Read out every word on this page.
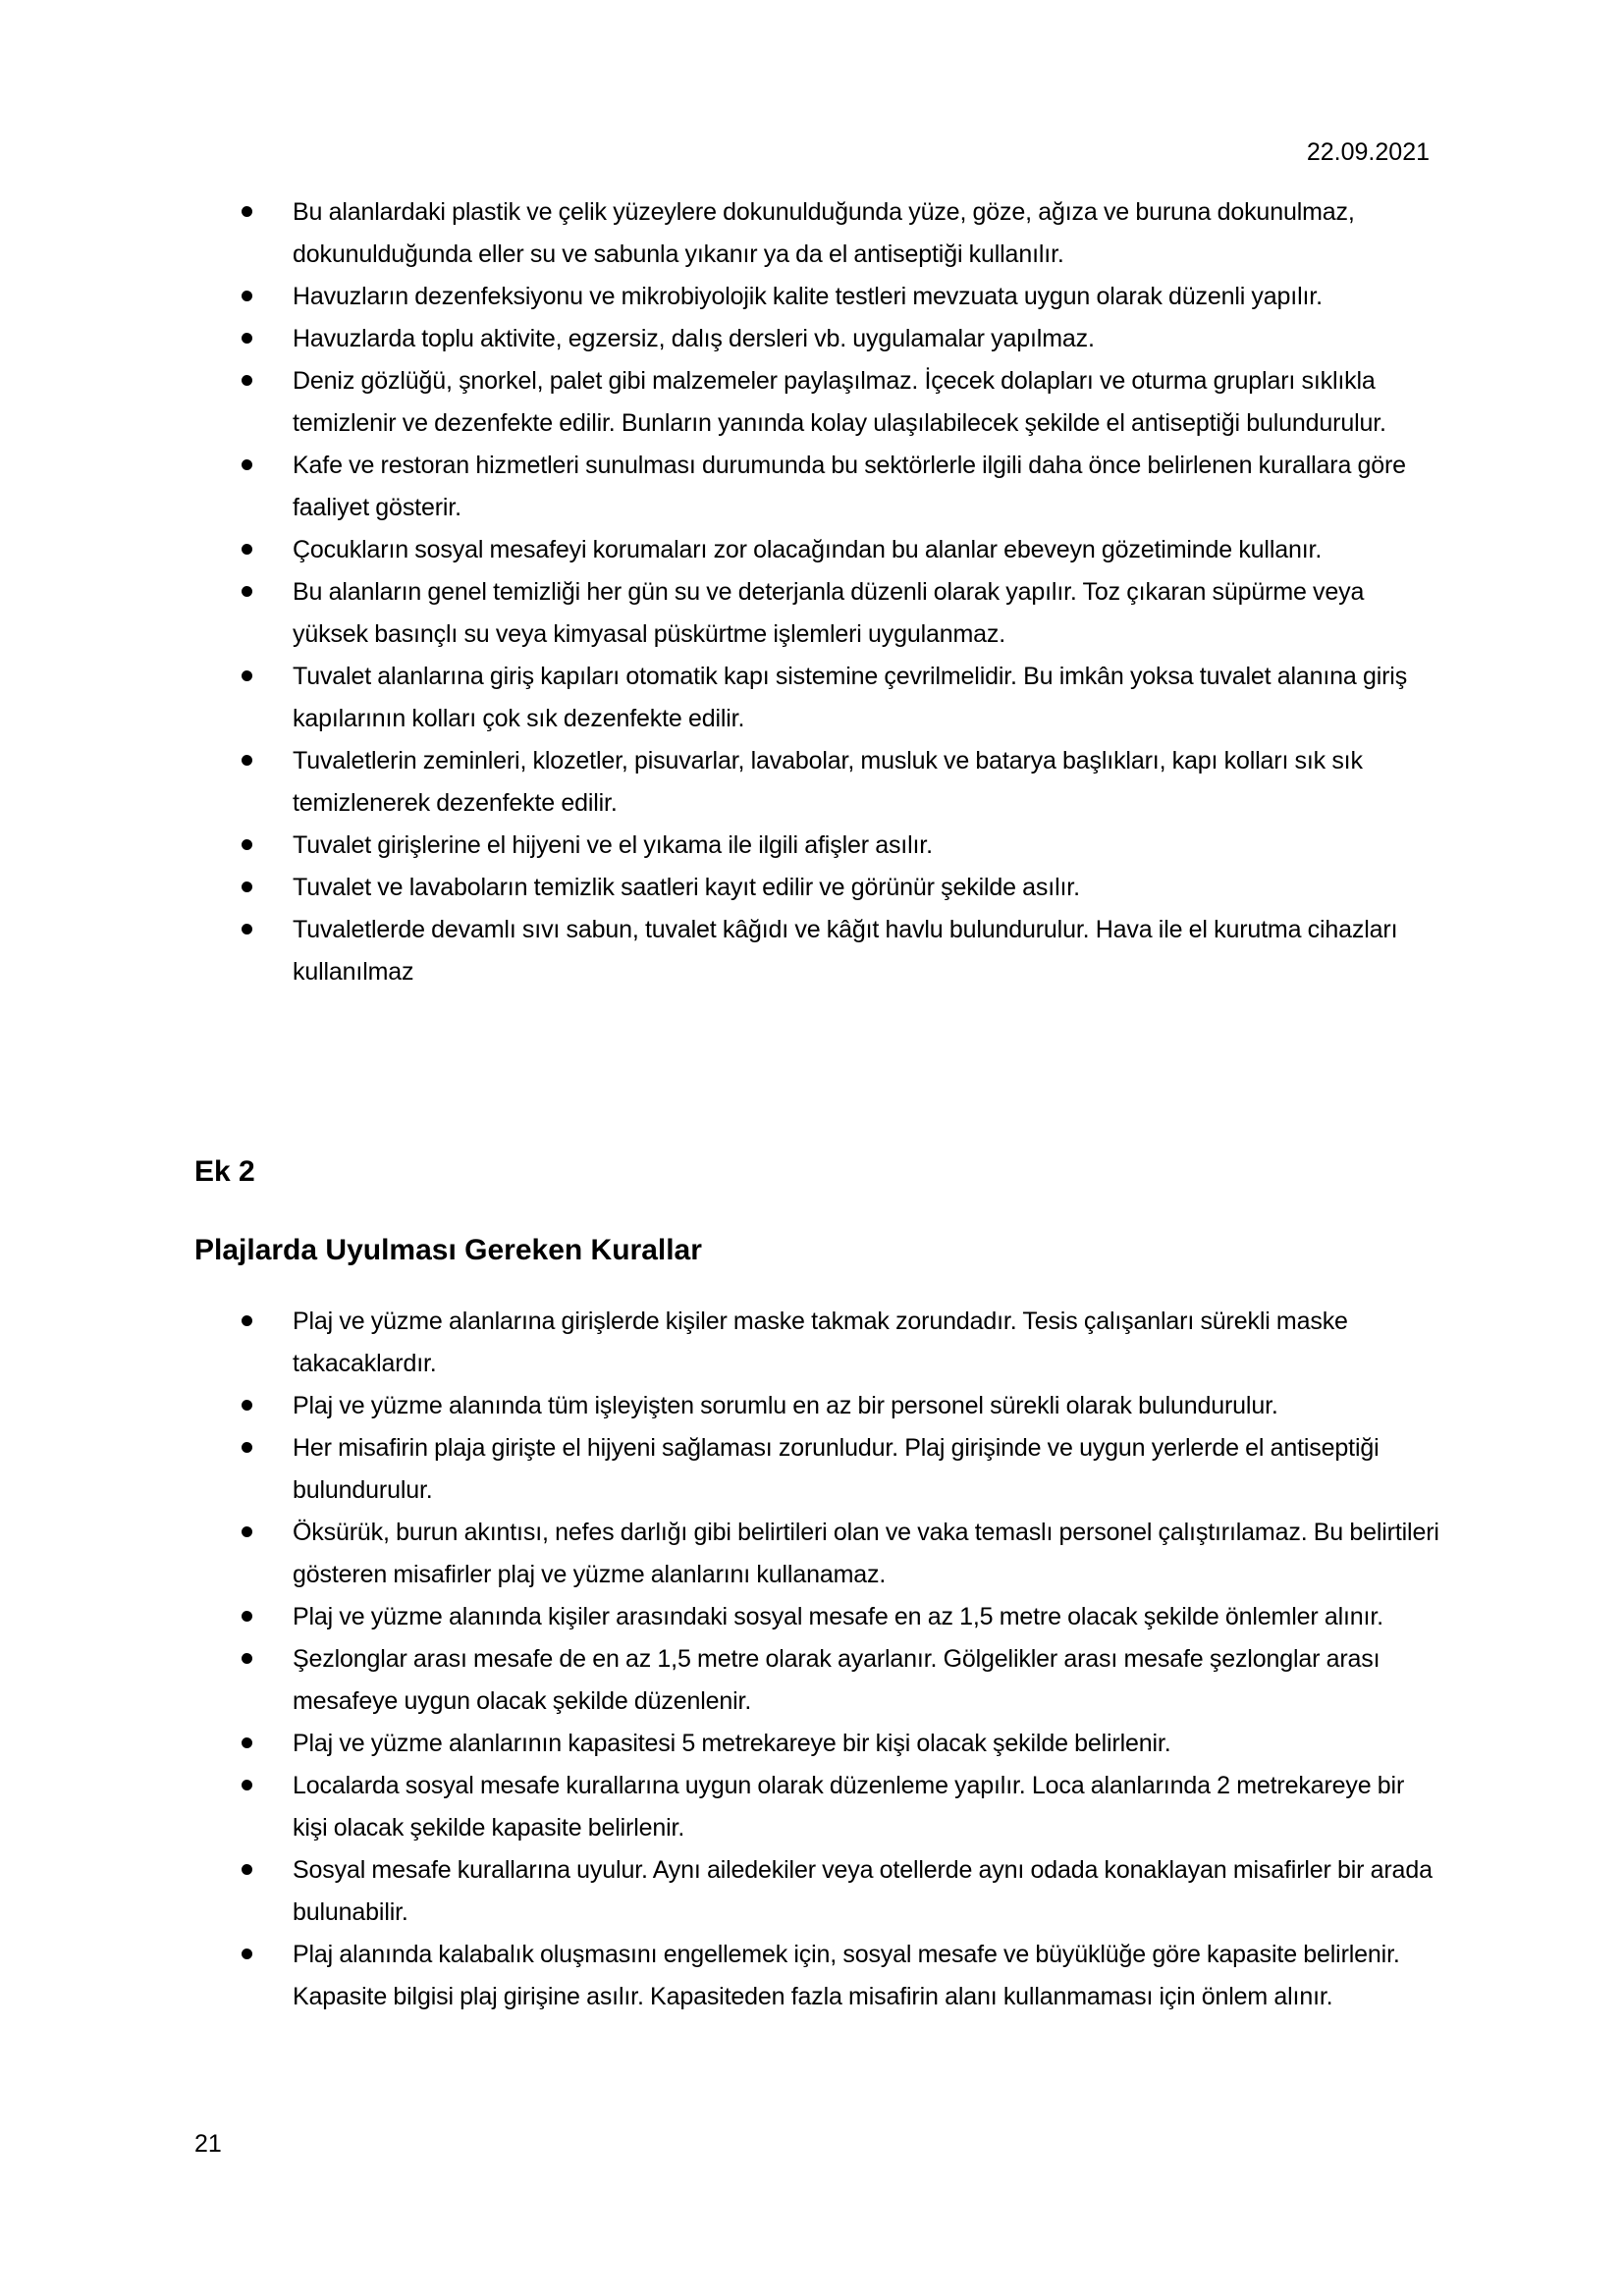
22.09.2021
Bu alanlardaki plastik ve çelik yüzeylere dokunulduğunda yüze, göze, ağıza ve buruna dokunulmaz, dokunulduğunda eller su ve sabunla yıkanır ya da el antiseptiği kullanılır.
Havuzların dezenfeksiyonu ve mikrobiyolojik kalite testleri mevzuata uygun olarak düzenli yapılır.
Havuzlarda toplu aktivite, egzersiz, dalış dersleri vb. uygulamalar yapılmaz.
Deniz gözlüğü, şnorkel, palet gibi malzemeler paylaşılmaz. İçecek dolapları ve oturma grupları sıklıkla temizlenir ve dezenfekte edilir. Bunların yanında kolay ulaşılabilecek şekilde el antiseptiği bulundurulur.
Kafe ve restoran hizmetleri sunulması durumunda bu sektörlerle ilgili daha önce belirlenen kurallara göre faaliyet gösterir.
Çocukların sosyal mesafeyi korumaları zor olacağından bu alanlar ebeveyn gözetiminde kullanır.
Bu alanların genel temizliği her gün su ve deterjanla düzenli olarak yapılır. Toz çıkaran süpürme veya yüksek basınçlı su veya kimyasal püskürtme işlemleri uygulanmaz.
Tuvalet alanlarına giriş kapıları otomatik kapı sistemine çevrilmelidir. Bu imkân yoksa tuvalet alanına giriş kapılarının kolları çok sık dezenfekte edilir.
Tuvaletlerin zeminleri, klozetler, pisuvarlar, lavabolar, musluk ve batarya başlıkları, kapı kolları sık sık temizlenerek dezenfekte edilir.
Tuvalet girişlerine el hijyeni ve el yıkama ile ilgili afişler asılır.
Tuvalet ve lavaboların temizlik saatleri kayıt edilir ve görünür şekilde asılır.
Tuvaletlerde devamlı sıvı sabun, tuvalet kâğıdı ve kâğıt havlu bulundurulur. Hava ile el kurutma cihazları kullanılmaz
Ek 2
Plajlarda Uyulması Gereken Kurallar
Plaj ve yüzme alanlarına girişlerde kişiler maske takmak zorundadır. Tesis çalışanları sürekli maske takacaklardır.
Plaj ve yüzme alanında tüm işleyişten sorumlu en az bir personel sürekli olarak bulundurulur.
Her misafirin plaja girişte el hijyeni sağlaması zorunludur. Plaj girişinde ve uygun yerlerde el antiseptiği bulundurulur.
Öksürük, burun akıntısı, nefes darlığı gibi belirtileri olan ve vaka temaslı personel çalıştırılamaz. Bu belirtileri gösteren misafirler plaj ve yüzme alanlarını kullanamaz.
Plaj ve yüzme alanında kişiler arasındaki sosyal mesafe en az 1,5 metre olacak şekilde önlemler alınır.
Şezlonglar arası mesafe de en az 1,5 metre olarak ayarlanır. Gölgelikler arası mesafe şezlonglar arası mesafeye uygun olacak şekilde düzenlenir.
Plaj ve yüzme alanlarının kapasitesi 5 metrekareye bir kişi olacak şekilde belirlenir.
Localarda sosyal mesafe kurallarına uygun olarak düzenleme yapılır. Loca alanlarında 2 metrekareye bir kişi olacak şekilde kapasite belirlenir.
Sosyal mesafe kurallarına uyulur. Aynı ailedekiler veya otellerde aynı odada konaklayan misafirler bir arada bulunabilir.
Plaj alanında kalabalık oluşmasını engellemek için, sosyal mesafe ve büyüklüğe göre kapasite belirlenir. Kapasite bilgisi plaj girişine asılır. Kapasiteden fazla misafirin alanı kullanmaması için önlem alınır.
21
